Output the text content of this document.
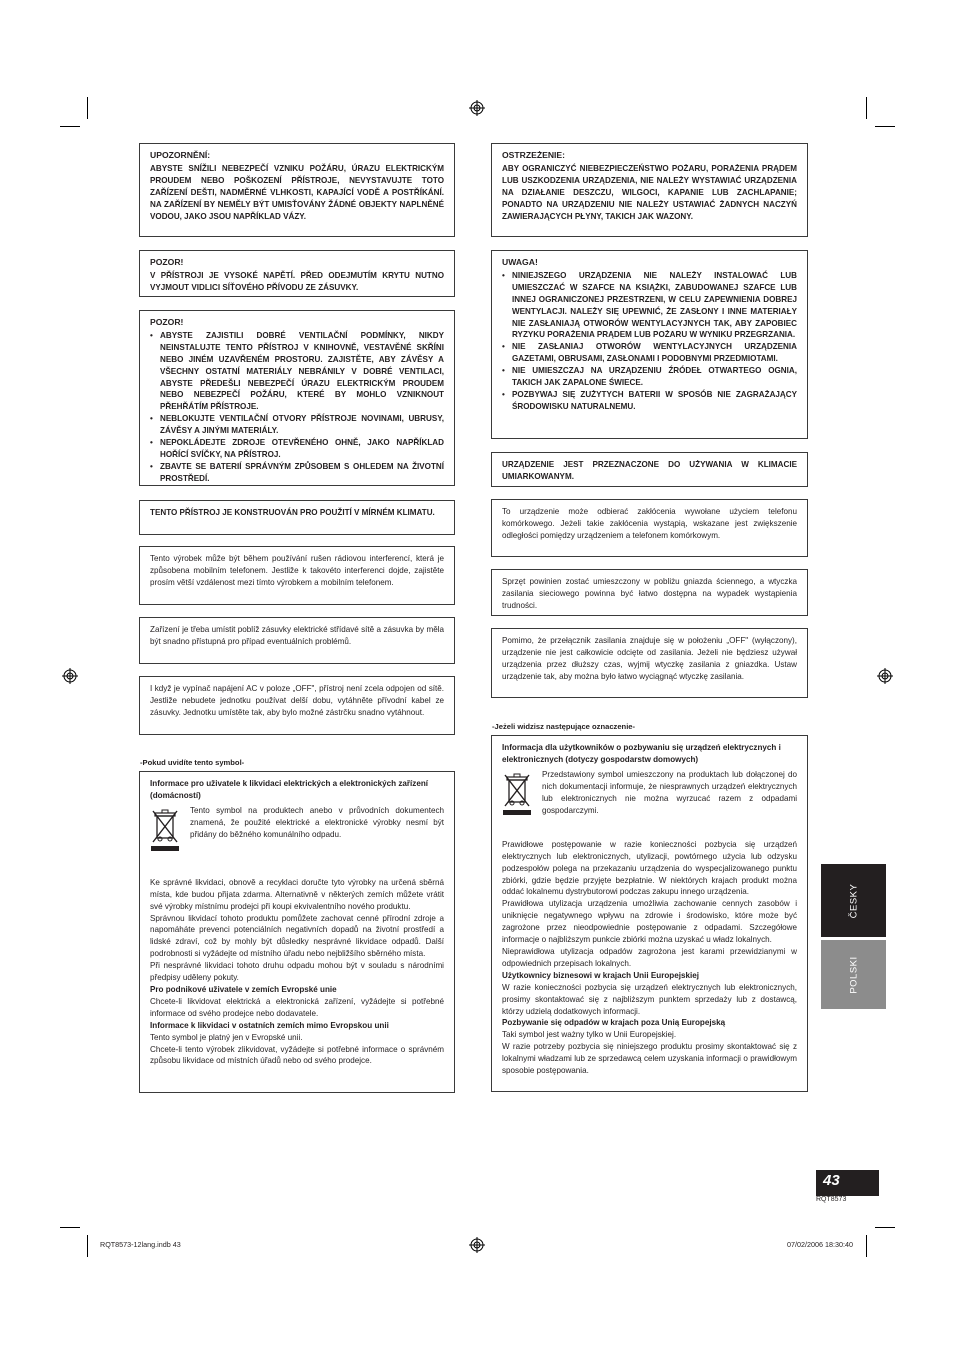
UPOZORNĚNÍ:
ABYSTE SNÍŽILI NEBEZPEČÍ VZNIKU POŽÁRU, ÚRAZU ELEKTRICKÝM PROUDEM NEBO POŠKOZENÍ PŘÍSTROJE, NEVYSTAVUJTE TOTO ZAŘÍZENÍ DEŠTI, NADMĚRNÉ VLHKOSTI, KAPAJÍCÍ VODĚ A POSTŘÍKÁNÍ. NA ZAŘÍZENÍ BY NEMĚLY BÝT UMISŤOVÁNY ŽÁDNÉ OBJEKTY NAPLNĚNÉ VODOU, JAKO JSOU NAPŘÍKLAD VÁZY.
POZOR!
V PŘÍSTROJI JE VYSOKÉ NAPĚTÍ. PŘED ODEJMUTÍM KRYTU NUTNO VYJMOUT VIDLICI SÍŤOVÉHO PŘÍVODU ZE ZÁSUVKY.
POZOR!
• ABYSTE ZAJISTILI DOBRÉ VENTILAČNÍ PODMÍNKY, NIKDY NEINSTALUJTE TENTO PŘÍSTROJ V KNIHOVNĚ, VESTAVĚNÉ SKŘÍNI NEBO JINÉM UZAVŘENÉM PROSTORU. ZAJISTĚTE, ABY ZÁVĚSY A VŠECHNY OSTATNÍ MATERIÁLY NEBRÁNILY V DOBRÉ VENTILACI, ABYSTE PŘEDEŠLI NEBEZPEČÍ ÚRAZU ELEKTRICKÝM PROUDEM NEBO NEBEZPEČÍ POŽÁRU, KTERÉ BY MOHLO VZNIKNOUT PŘEHŘÁTÍM PŘÍSTROJE.
• NEBLOKUJTE VENTILAČNÍ OTVORY PŘÍSTROJE NOVINAMI, UBRUSY, ZÁVĚSY A JINÝMI MATERIÁLY.
• NEPOKLÁDEJTE ZDROJE OTEVŘENÉHO OHNĚ, JAKO NAPŘÍKLAD HOŘÍCÍ SVÍČKY, NA PŘÍSTROJ.
• ZBAVTE SE BATERIÍ SPRÁVNÝM ZPŮSOBEM S OHLEDEM NA ŽIVOTNÍ PROSTŘEDÍ.
TENTO PŘÍSTROJ JE KONSTRUOVÁN PRO POUŽITÍ V MÍRNÉM KLIMATU.
Tento výrobek může být během používání rušen rádiovou interferencí, která je způsobena mobilním telefonem. Jestliže k takovéto interferenci dojde, zajistěte prosím větší vzdálenost mezi tímto výrobkem a mobilním telefonem.
Zařízení je třeba umístit poblíž zásuvky elektrické střídavé sítě a zásuvka by měla být snadno přístupná pro případ eventuálních problémů.
I když je vypínač napájení AC v poloze „OFF", přístroj není zcela odpojen od sítě. Jestliže nebudete jednotku používat delší dobu, vytáhněte přívodní kabel ze zásuvky. Jednotku umístěte tak, aby bylo možné zástrčku snadno vytáhnout.
-Pokud uvidíte tento symbol-
Informace pro uživatele k likvidaci elektrických a elektronických zařízení (domácností)
Tento symbol na produktech anebo v průvodních dokumentech znamená, že použité elektrické a elektronické výrobky nesmí být přidány do běžného komunálního odpadu.
Ke správné likvidaci, obnově a recyklaci doručte tyto výrobky na určená sběrná místa, kde budou přijata zdarma. Alternativně v některých zemích můžete vrátit své výrobky místnímu prodejci při koupi ekvivalentního nového produktu.
Správnou likvidací tohoto produktu pomůžete zachovat cenné přírodní zdroje a napomáháte prevenci potenciálních negativních dopadů na životní prostředí a lidské zdraví, což by mohly být důsledky nesprávné likvidace odpadů. Další podrobnosti si vyžádejte od místního úřadu nebo nejbližšího sběrného místa.
Při nesprávné likvidaci tohoto druhu odpadu mohou být v souladu s národními předpisy uděleny pokuty.
Pro podnikové uživatele v zemích Evropské unie
Chcete-li likvidovat elektrická a elektronická zařízení, vyžádejte si potřebné informace od svého prodejce nebo dodavatele.
Informace k likvidaci v ostatních zemích mimo Evropskou unii
Tento symbol je platný jen v Evropské unii.
Chcete-li tento výrobek zlikvidovat, vyžádejte si potřebné informace o správném způsobu likvidace od místních úřadů nebo od svého prodejce.
OSTRZEŻENIE:
ABY OGRANICZYĆ NIEBEZPIECZEŃSTWO POŻARU, PORAŻENIA PRĄDEM LUB USZKODZENIA URZĄDZENIA, NIE NALEŻY WYSTAWIAĆ URZĄDZENIA NA DZIAŁANIE DESZCZU, WILGOCI, KAPANIE LUB ZACHLAPANIE; PONADTO NA URZĄDZENIU NIE NALEŻY USTAWIAĆ ŻADNYCH NACZYŃ ZAWIERAJĄCYCH PŁYNY, TAKICH JAK WAZONY.
UWAGA!
• NINIEJSZEGO URZĄDZENIA NIE NALEŻY INSTALOWAĆ LUB UMIESZCZAĆ W SZAFCE NA KSIĄŻKI, ZABUDOWANEJ SZAFCE LUB INNEJ OGRANICZONEJ PRZESTRZENI, W CELU ZAPEWNIENIA DOBREJ WENTYLACJI. NALEŻY SIĘ UPEWNIĆ, ŻE ZASŁONY I INNE MATERIAŁY NIE ZASŁANIAJĄ OTWORÓW WENTYLACYJNYCH TAK, ABY ZAPOBIEC RYZYKU PORAŻENIA PRĄDEM LUB POŻARU W WYNIKU PRZEGRZANIA.
• NIE ZASŁANIAJ OTWORÓW WENTYLACYJNYCH URZĄDZENIA GAZETAMI, OBRUSAMI, ZASŁONAMI I PODOBNYMI PRZEDMIOTAMI.
• NIE UMIESZCZAJ NA URZĄDZENIU ŹRÓDEŁ OTWARTEGO OGNIA, TAKICH JAK ZAPALONE ŚWIECE.
• POZBYWAJ SIĘ ZUŻYTYCH BATERII W SPOSÓB NIE ZAGRAŻAJĄCY ŚRODOWISKU NATURALNEMU.
URZĄDZENIE JEST PRZEZNACZONE DO UŻYWANIA W KLIMACIE UMIARKOWANYM.
To urządzenie może odbierać zakłócenia wywołane użyciem telefonu komórkowego. Jeżeli takie zakłócenia wystąpią, wskazane jest zwiększenie odległości pomiędzy urządzeniem a telefonem komórkowym.
Sprzęt powinien zostać umieszczony w pobliżu gniazda ściennego, a wtyczka zasilania sieciowego powinna być łatwo dostępna na wypadek wystąpienia trudności.
Pomimo, że przełącznik zasilania znajduje się w położeniu „OFF" (wyłączony), urządzenie nie jest całkowicie odcięte od zasilania. Jeżeli nie będziesz używał urządzenia przez dłuższy czas, wyjmij wtyczkę zasilania z gniazdka. Ustaw urządzenie tak, aby można było łatwo wyciągnąć wtyczkę zasilania.
-Jeżeli widzisz następujące oznaczenie-
Informacja dla użytkowników o pozbywaniu się urządzeń elektrycznych i elektronicznych (dotyczy gospodarstw domowych)
Przedstawiony symbol umieszczony na produktach lub dołączonej do nich dokumentacji informuje, że niesprawnych urządzeń elektrycznych lub elektronicznych nie można wyrzucać razem z odpadami gospodarczymi.
Prawidłowe postępowanie w razie konieczności pozbycia się urządzeń elektrycznych lub elektronicznych, utylizacji, powtórnego użycia lub odzysku podzespołów polega na przekazaniu urządzenia do wyspecjalizowanego punktu zbiórki, gdzie będzie przyjęte bezpłatnie. W niektórych krajach produkt można oddać lokalnemu dystrybutorowi podczas zakupu innego urządzenia.
Prawidłowa utylizacja urządzenia umożliwia zachowanie cennych zasobów i uniknięcie negatywnego wpływu na zdrowie i środowisko, które może być zagrożone przez nieodpowiednie postępowanie z odpadami. Szczegółowe informacje o najbliższym punkcie zbiórki można uzyskać u władz lokalnych.
Nieprawidłowa utylizacja odpadów zagrożona jest karami przewidzianymi w odpowiednich przepisach lokalnych.
Użytkownicy biznesowi w krajach Unii Europejskiej
W razie konieczności pozbycia się urządzeń elektrycznych lub elektronicznych, prosimy skontaktować się z najbliższym punktem sprzedaży lub z dostawcą, którzy udzielą dodatkowych informacji.
Pozbywanie się odpadów w krajach poza Unią Europejską
Taki symbol jest ważny tylko w Unii Europejskiej.
W razie potrzeby pozbycia się niniejszego produktu prosimy skontaktować się z lokalnymi władzami lub ze sprzedawcą celem uzyskania informacji o prawidłowym sposobie postępowania.
ČESKY
POLSKI
43
RQT8573
RQT8573-12lang.indb 43	07/02/2006 18:30:40
